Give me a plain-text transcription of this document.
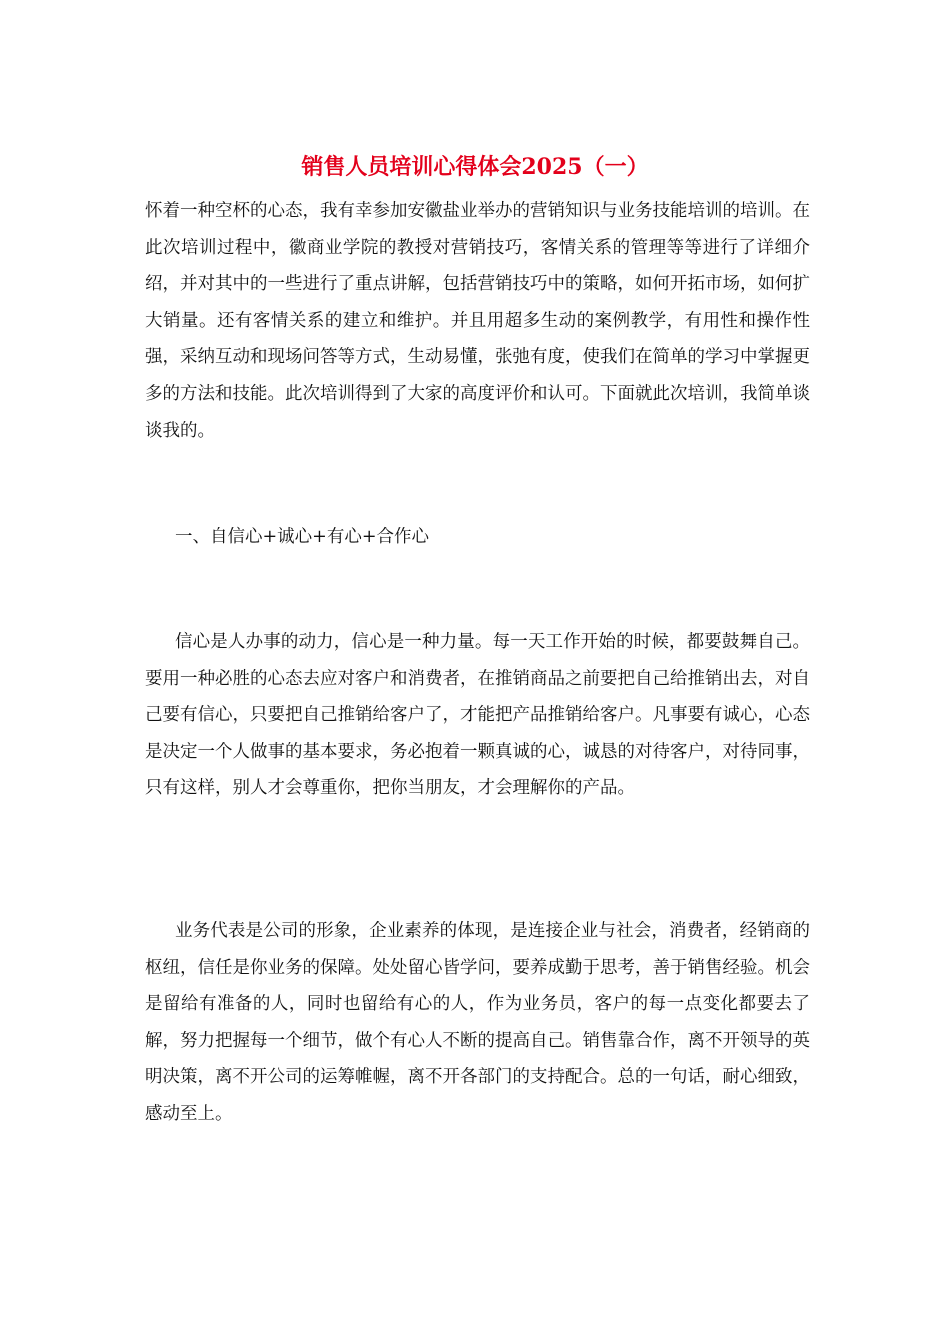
销售人员培训心得体会2025（一）

怀着一种空杯的心态，我有幸参加安徽盐业举办的营销知识与业务技能培训的培训。在此次培训过程中，徽商业学院的教授对营销技巧，客情关系的管理等等进行了详细介绍，并对其中的一些进行了重点讲解，包括营销技巧中的策略，如何开拓市场，如何扩大销量。还有客情关系的建立和维护。并且用超多生动的案例教学，有用性和操作性强，采纳互动和现场问答等方式，生动易懂，张弛有度，使我们在简单的学习中掌握更多的方法和技能。此次培训得到了大家的高度评价和认可。下面就此次培训，我简单谈谈我的。

一、自信心+诚心+有心+合作心

信心是人办事的动力，信心是一种力量。每一天工作开始的时候，都要鼓舞自己。要用一种必胜的心态去应对客户和消费者，在推销商品之前要把自己给推销出去，对自己要有信心，只要把自己推销给客户了，才能把产品推销给客户。凡事要有诚心，心态是决定一个人做事的基本要求，务必抱着一颗真诚的心，诚恳的对待客户，对待同事，只有这样，别人才会尊重你，把你当朋友，才会理解你的产品。

业务代表是公司的形象，企业素养的体现，是连接企业与社会，消费者，经销商的枢纽，信任是你业务的保障。处处留心皆学问，要养成勤于思考，善于销售经验。机会是留给有准备的人，同时也留给有心的人，作为业务员，客户的每一点变化都要去了解，努力把握每一个细节，做个有心人不断的提高自己。销售靠合作，离不开领导的英明决策，离不开公司的运筹帷幄，离不开各部门的支持配合。总的一句话，耐心细致，感动至上。
